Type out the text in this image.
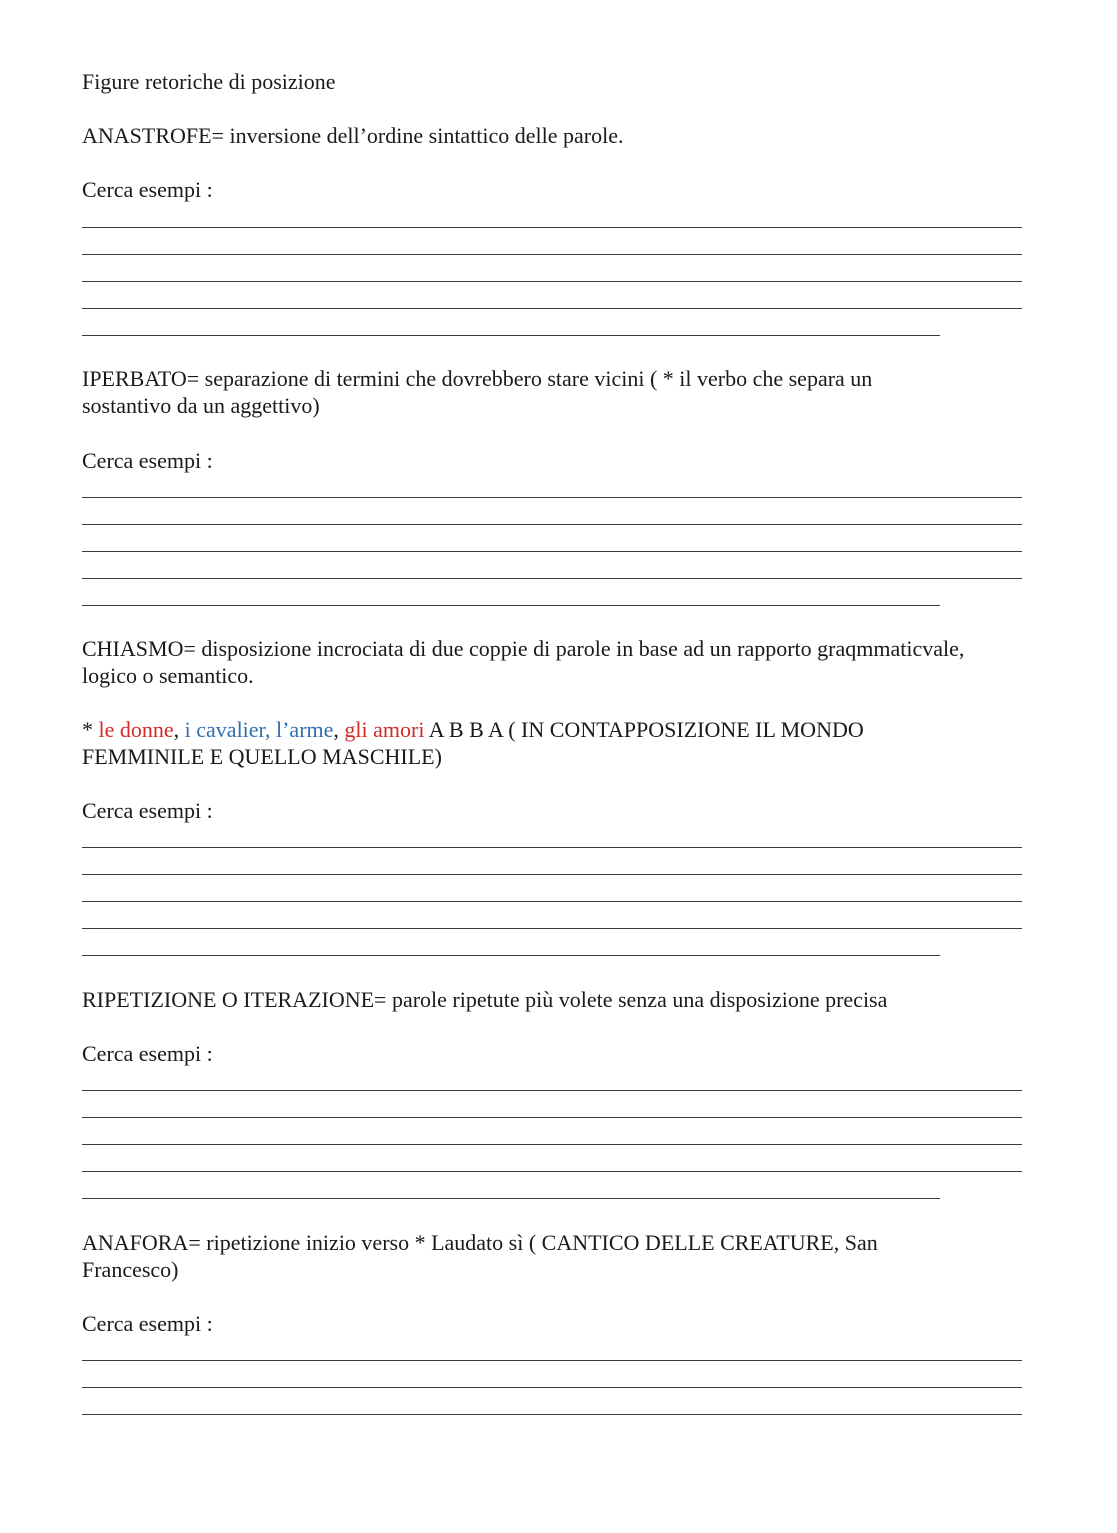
Figure retoriche di posizione

ANASTROFE= inversione dell’ordine sintattico delle parole.

Cerca esempi :

IPERBATO= separazione di termini che dovrebbero stare vicini ( * il verbo che separa un

sostantivo da un aggettivo)

Cerca esempi :

CHIASMO= disposizione incrociata di due coppie di parole in base ad un rapporto graqmmaticvale,

logico o semantico.

* le donne, i cavalier, l’arme, gli amori A B B A ( IN CONTAPPOSIZIONE IL MONDO

FEMMINILE E QUELLO MASCHILE)

Cerca esempi :

RIPETIZIONE O ITERAZIONE= parole ripetute più volete senza una disposizione precisa

Cerca esempi :

ANAFORA= ripetizione inizio verso * Laudato sì ( CANTICO DELLE CREATURE, San

Francesco)

Cerca esempi :
